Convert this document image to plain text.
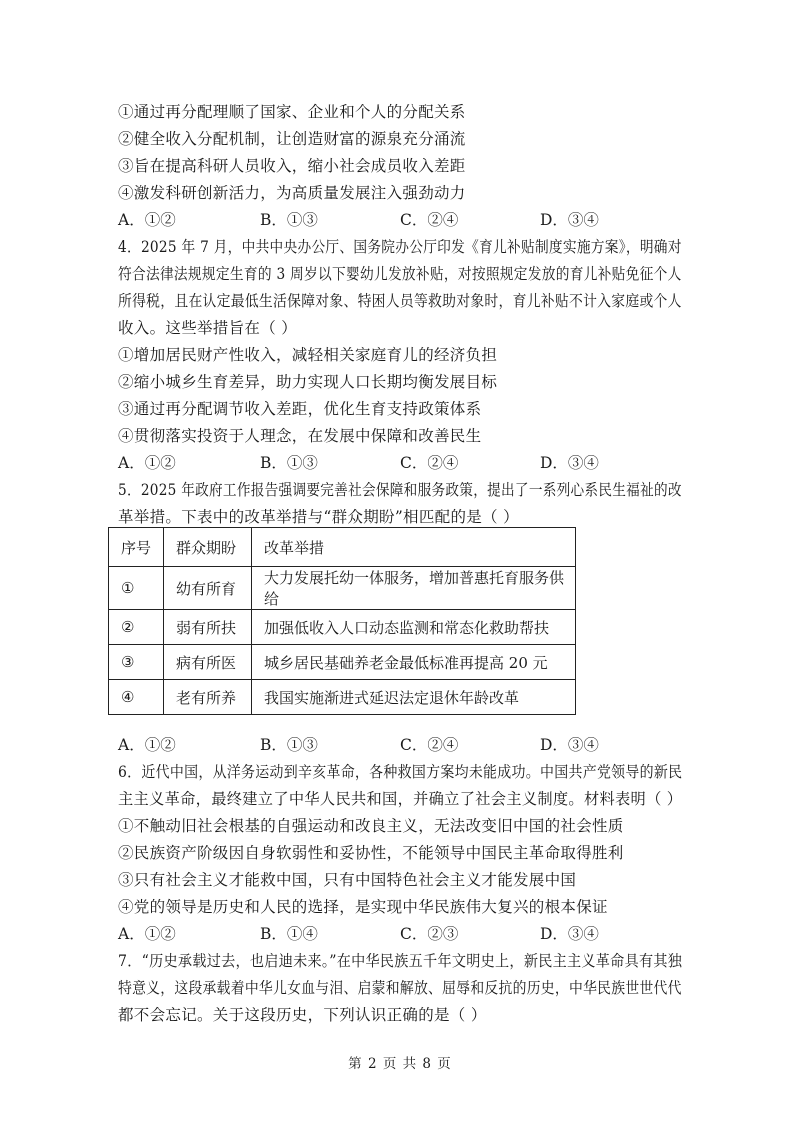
①通过再分配理顺了国家、企业和个人的分配关系
②健全收入分配机制，让创造财富的源泉充分涌流
③旨在提高科研人员收入，缩小社会成员收入差距
④激发科研创新活力，为高质量发展注入强劲动力
A．①②	B．①③	C．②④	D．③④
4．2025 年 7 月，中共中央办公厅、国务院办公厅印发《育儿补贴制度实施方案》，明确对
符合法律法规规定生育的 3 周岁以下婴幼儿发放补贴，对按照规定发放的育儿补贴免征个人
所得税，且在认定最低生活保障对象、特困人员等救助对象时，育儿补贴不计入家庭或个人
收入。这些举措旨在（ ）
①增加居民财产性收入，减轻相关家庭育儿的经济负担
②缩小城乡生育差异，助力实现人口长期均衡发展目标
③通过再分配调节收入差距，优化生育支持政策体系
④贯彻落实投资于人理念，在发展中保障和改善民生
A．①②	B．①③	C．②④	D．③④
5．2025 年政府工作报告强调要完善社会保障和服务政策，提出了一系列心系民生福祉的改
革举措。下表中的改革举措与“群众期盼”相匹配的是（ ）
序号	群众期盼	改革举措
①	幼有所育	大力发展托幼一体服务，增加普惠托育服务供给
②	弱有所扶	加强低收入人口动态监测和常态化救助帮扶
③	病有所医	城乡居民基础养老金最低标准再提高 20 元
④	老有所养	我国实施渐进式延迟法定退休年龄改革
A．①②	B．①③	C．②④	D．③④
6．近代中国，从洋务运动到辛亥革命，各种救国方案均未能成功。中国共产党领导的新民
主主义革命，最终建立了中华人民共和国，并确立了社会主义制度。材料表明（ ）
①不触动旧社会根基的自强运动和改良主义，无法改变旧中国的社会性质
②民族资产阶级因自身软弱性和妥协性，不能领导中国民主革命取得胜利
③只有社会主义才能救中国，只有中国特色社会主义才能发展中国
④党的领导是历史和人民的选择，是实现中华民族伟大复兴的根本保证
A．①②	B．①④	C．②③	D．③④
7．“历史承载过去，也启迪未来。”在中华民族五千年文明史上，新民主主义革命具有其独
特意义，这段承载着中华儿女血与泪、启蒙和解放、屈辱和反抗的历史，中华民族世世代代
都不会忘记。关于这段历史，下列认识正确的是（ ）
第 2 页 共 8 页
